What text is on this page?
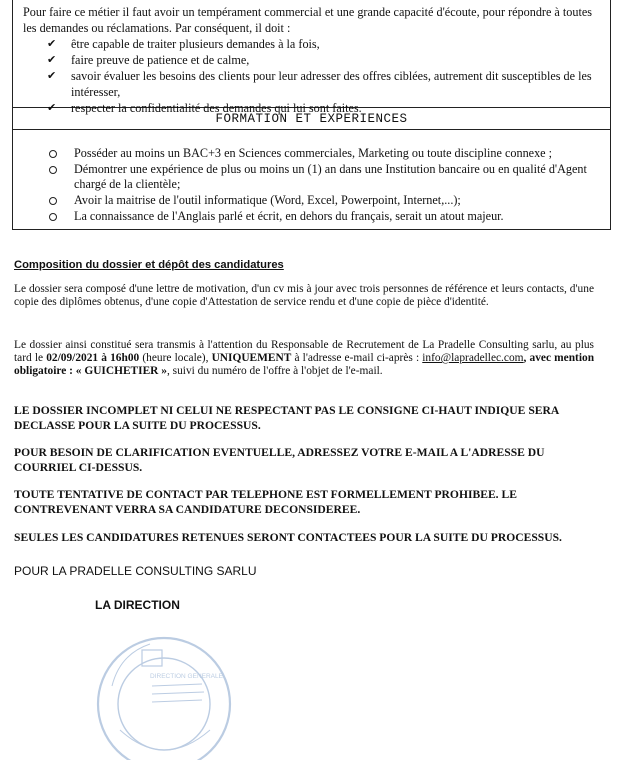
Pour faire ce métier il faut avoir un tempérament commercial et une grande capacité d'écoute, pour répondre à toutes les demandes ou réclamations. Par conséquent, il doit :

✔ être capable de traiter plusieurs demandes à la fois,
✔ faire preuve de patience et de calme,
✔ savoir évaluer les besoins des clients pour leur adresser des offres ciblées, autrement dit susceptibles de les intéresser,
✔ respecter la confidentialité des demandes qui lui sont faites.
FORMATION ET EXPERIENCES
Posséder au moins un BAC+3 en Sciences commerciales, Marketing ou toute discipline connexe ;
Démontrer une expérience de plus ou moins un (1) an dans une Institution bancaire ou en qualité d'Agent chargé de la clientèle;
Avoir la maitrise de l'outil informatique (Word, Excel, Powerpoint, Internet,...);
La connaissance de l'Anglais parlé et écrit, en dehors du français, serait un atout majeur.
Composition du dossier et dépôt des candidatures

Le dossier sera composé d'une lettre de motivation, d'un cv mis à jour avec trois personnes de référence et leurs contacts, d'une copie des diplômes obtenus, d'une copie d'Attestation de service rendu et d'une copie de pièce d'identité.

Le dossier ainsi constitué sera transmis à l'attention du Responsable de Recrutement de La Pradelle Consulting sarlu, au plus tard le 02/09/2021 à 16h00 (heure locale), UNIQUEMENT à l'adresse e-mail ci-après : info@lapradellec.com, avec mention obligatoire : « GUICHETIER », suivi du numéro de l'offre à l'objet de l'e-mail.

LE DOSSIER INCOMPLET NI CELUI NE RESPECTANT PAS LE CONSIGNE CI-HAUT INDIQUE SERA DECLASSE POUR LA SUITE DU PROCESSUS.

POUR BESOIN DE CLARIFICATION EVENTUELLE, ADRESSEZ VOTRE E-MAIL A L'ADRESSE DU COURRIEL CI-DESSUS.

TOUTE TENTATIVE DE CONTACT PAR TELEPHONE EST FORMELLEMENT PROHIBEE. LE CONTREVENANT VERRA SA CANDIDATURE DECONSIDEREE.

SEULES LES CANDIDATURES RETENUES SERONT CONTACTEES POUR LA SUITE DU PROCESSUS.

POUR LA PRADELLE CONSULTING SARLU
LA DIRECTION
DIRECTION GENERALE
